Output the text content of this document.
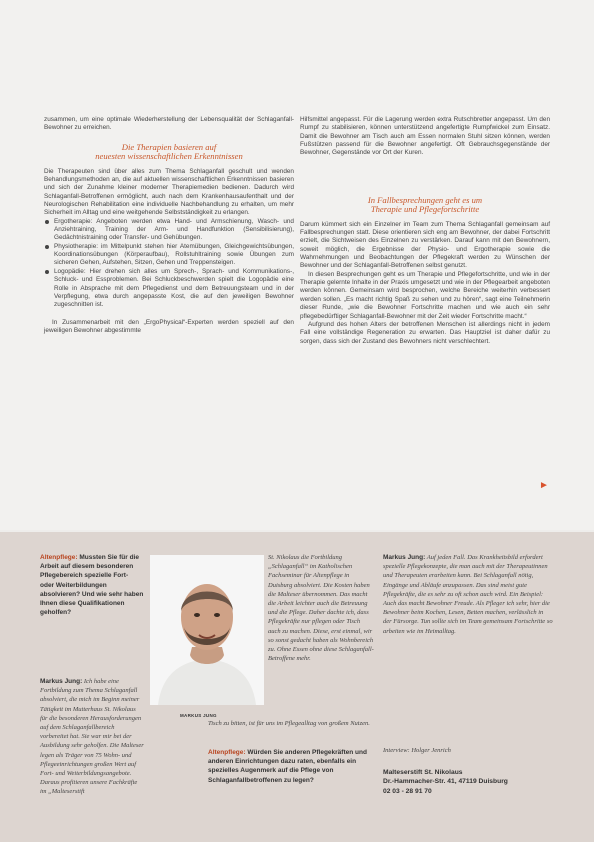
zusammen, um eine optimale Wiederherstellung der Lebensqualität der Schlaganfall-Bewohner zu erreichen.

Die Therapien basieren auf
neuesten wissenschaftlichen Erkenntnissen

Die Therapeuten sind über alles zum Thema Schlaganfall geschult und wenden Behandlungsmethoden an, die auf aktuellen wissenschaftlichen Erkenntnissen basieren und sich der Zunahme kleiner moderner Therapiemedien bedienen. Dadurch wird Schlaganfall-Betroffenen ermöglicht, auch nach dem Krankenhausaufenthalt und der Neurologischen Rehabilitation eine individuelle Nachbehandlung zu erhalten, um mehr Sicherheit im Alltag und eine weitgehende Selbstständigkeit zu erlangen.

Ergotherapie: Angeboten werden etwa Hand- und Armschienung, Wasch- und Anziehtraining, Training der Arm- und Handfunktion (Sensibilisierung), Gedächtnistraining oder Transfer- und Gehübungen.
Physiotherapie: im Mittelpunkt stehen hier Atemübungen, Gleichgewichtsübungen, Koordinationsübungen (Körperaufbau), Rollstuhltraining sowie Übungen zum sicheren Gehen, Aufstehen, Sitzen, Gehen und Treppensteigen.
Logopädie: Hier drehen sich alles um Sprech-, Sprach- und Kommunikations-, Schluck- und Essproblemen. Bei Schluckbeschwerden spielt die Logopädie eine Rolle in Absprache mit dem Pflegedienst und dem Betreuungsteam und in der Verpflegung, etwa durch angepasste Kost, die auf den jeweiligen Bewohner zugeschnitten ist.

In Zusammenarbeit mit den „ErgoPhysical“-Experten werden speziell auf den jeweiligen Bewohner abgestimmte

Hilfsmittel angepasst. Für die Lagerung werden extra Rutschbretter angepasst. Um den Rumpf zu stabilisieren, können unterstützend angefertigte Rumpfwickel zum Einsatz. Damit die Bewohner am Tisch auch am Essen normalen Stuhl sitzen können, werden Fußstützen passend für die Bewohner angefertigt. Oft Gebrauchsgegenstände der Bewohner, Gegenstände vor Ort der Kuren.

In Fallbesprechungen geht es um
Therapie und Pflegefortschritte

Darum kümmert sich ein Einzelner im Team zum Thema Schlaganfall gemeinsam auf Fallbesprechungen statt. Diese orientieren sich eng am Bewohner, der dabei Fortschritt erzielt, die Sichtweisen des Einzelnen zu verstärken. Darauf kann mit den Bewohnern, soweit möglich, die Ergebnisse der Physio- und Ergotherapie sowie die Wahrnehmungen und Beobachtungen der Pflegekraft werden zu Wünschen der Bewohner und der Schlaganfall-Betroffenen selbst genutzt.

In diesen Besprechungen geht es um Therapie und Pflegefortschritte, und wie in der Therapie gelernte Inhalte in der Praxis umgesetzt und wie in der Pflegearbeit angeboten werden können. Gemeinsam wird besprochen, welche Bereiche weiterhin verbessert werden sollen. „Es macht richtig Spaß zu sehen und zu hören“, sagt eine Teilnehmerin dieser Runde, „wie die Bewohner Fortschritte machen und wie auch ein sehr pflegebedürftiger Schlaganfall-Bewohner mit der Zeit wieder Fortschritte macht.“

Aufgrund des hohen Alters der betroffenen Menschen ist allerdings nicht in jedem Fall eine vollständige Regeneration zu erwarten. Das Hauptziel ist daher dafür zu sorgen, dass sich der Zustand des Bewohners nicht verschlechtert.

►
Altenpflege: Mussten Sie für die Arbeit auf diesem besonderen Pflegebereich spezielle Fort- oder Weiterbildungen absolvieren? Und wie sehr haben Ihnen diese Qualifikationen geholfen?
Markus Jung: Ich habe eine Fortbildung zum Thema Schlaganfall absolviert, die mich im Beginn meiner Tätigkeit im Mutterhaus St. Nikolaus für die besonderen Herausforderungen auf dem Schlaganfallbereich vorbereitet hat. Sie war mir bei der Ausbildung sehr geholfen. Die Malteser legen als Träger von 75 Wohn- und Pflegeeinrichtungen großen Wert auf Fort- und Weiterbildungsangebote. Daraus profitieren unsere Fachkräfte im „Malteserstift
MARKUS JUNG
St. Nikolaus die Fortbildung „Schlaganfall“ im Katholischen Fachseminar für Altenpflege in Duisburg absolviert. Die Kosten haben die Malteser übernommen. Das macht die Arbeit leichter auch die Betreuung und die Pflege. Daher dachte ich, dass Pflegekräfte nur pflegen oder Tisch auch zu machen. Diese, erst einmal, wir so sonst gedacht haben als Wohnbereich zu. Ohne Essen ohne diese Schlaganfall-Betroffene mehr.
Tisch zu bitten, ist für uns im Pflegealltag von großem Nutzen.
Altenpflege: Würden Sie anderen Pflegekräften und anderen Einrichtungen dazu raten, ebenfalls ein spezielles Augenmerk auf die Pflege von Schlaganfallbetroffenen zu legen?
Markus Jung: Auf jeden Fall. Das Krankheitsbild erfordert spezielle Pflegekonzepte, die man auch mit der Therapeutinnen und Therapeuten erarbeiten kann. Bei Schlaganfall nötig, Eingänge und Abläufe anzupassen. Das sind meist gute Pflegekräfte, die es sehr zu oft schon auch wird. Ein Beispiel: Auch das macht Bewohner Freude. Als Pfleger ich sehr, hier die Bewohner beim Kochen, Lesen, Betten machen, verlässlich in der Fürsorge. Tun sollte sich im Team gemeinsam Fortschritte so arbeiten wie im Heimalltag.
Interview: Holger Jenrich
Malteserstift St. Nikolaus
Dr.-Hammacher-Str. 41, 47119 Duisburg
02 03 - 28 91 70
